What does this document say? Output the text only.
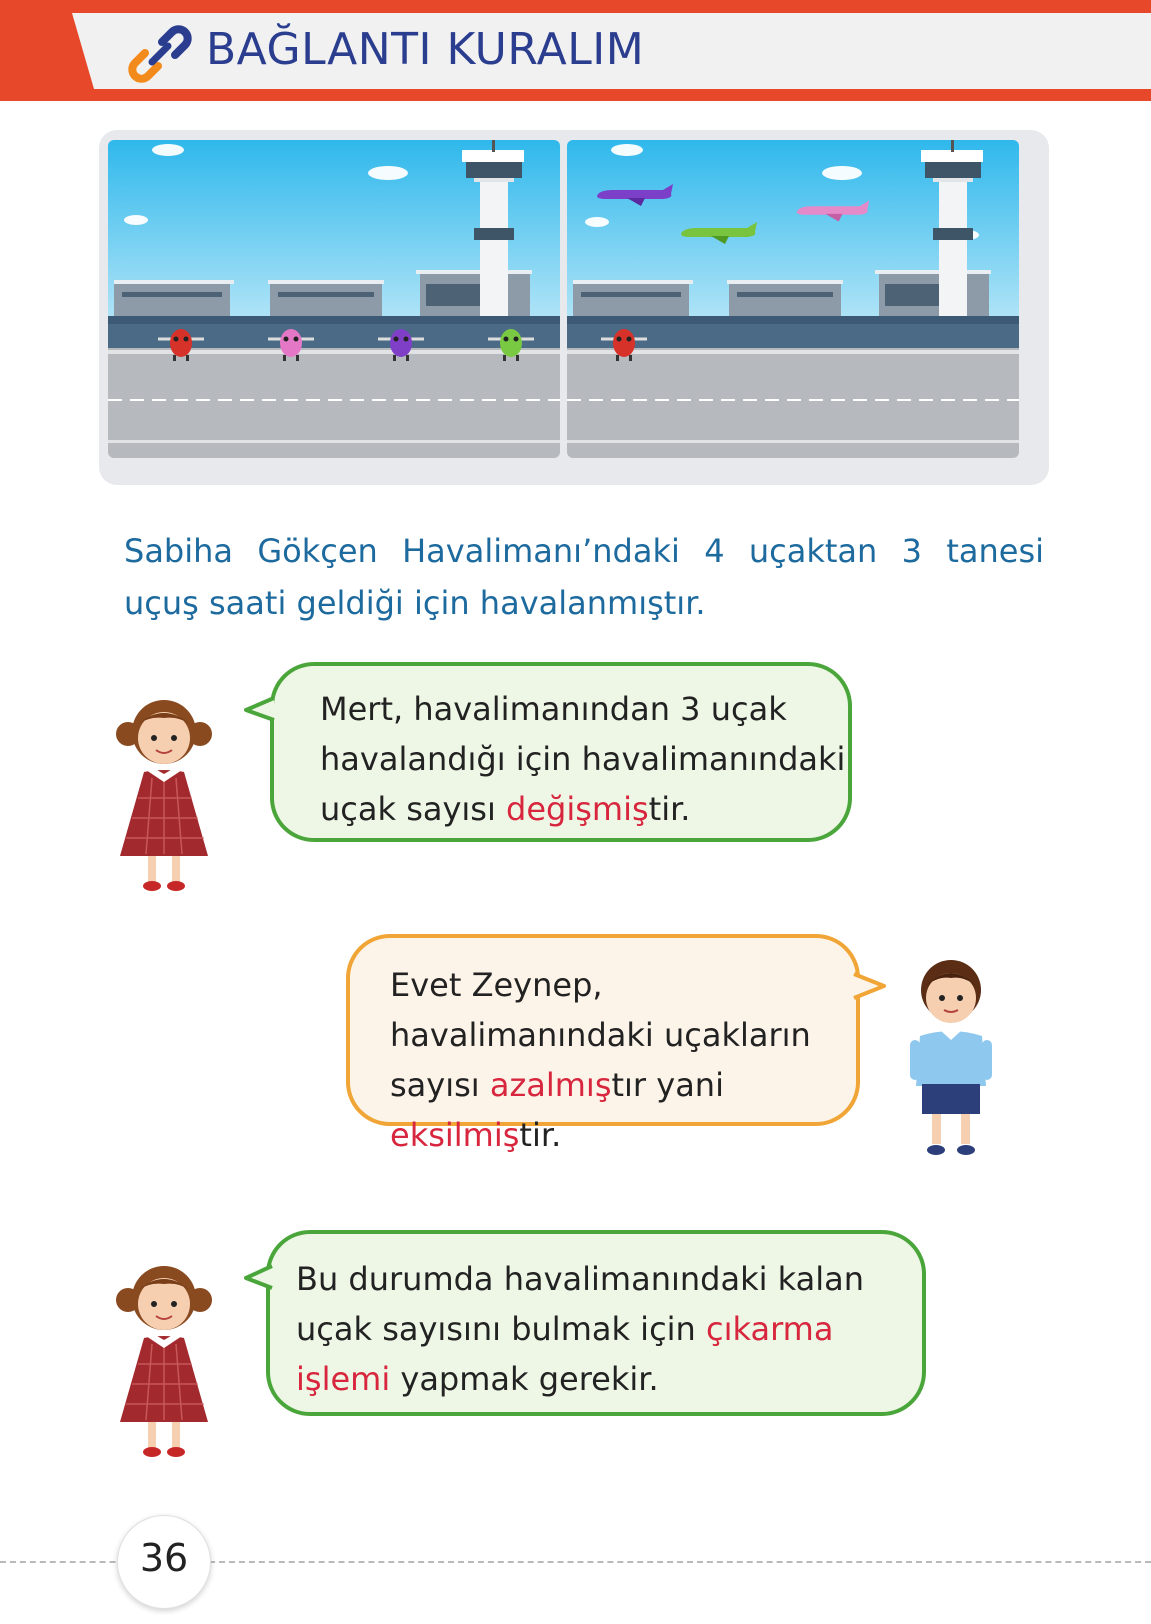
BAĞLANTI KURALIM
Sabiha Gökçen Havalimanı’ndaki 4 uçaktan 3 tanesi uçuş saati geldiği için havalanmıştır.
Mert, havalimanından 3 uçak havalandığı için havalimanındaki uçak sayısı değişmiştir.
Evet Zeynep, havalimanındaki uçakların sayısı azalmıştır yani eksilmiştir.
Bu durumda havalimanındaki kalan uçak sayısını bulmak için çıkarma işlemi yapmak gerekir.
36
